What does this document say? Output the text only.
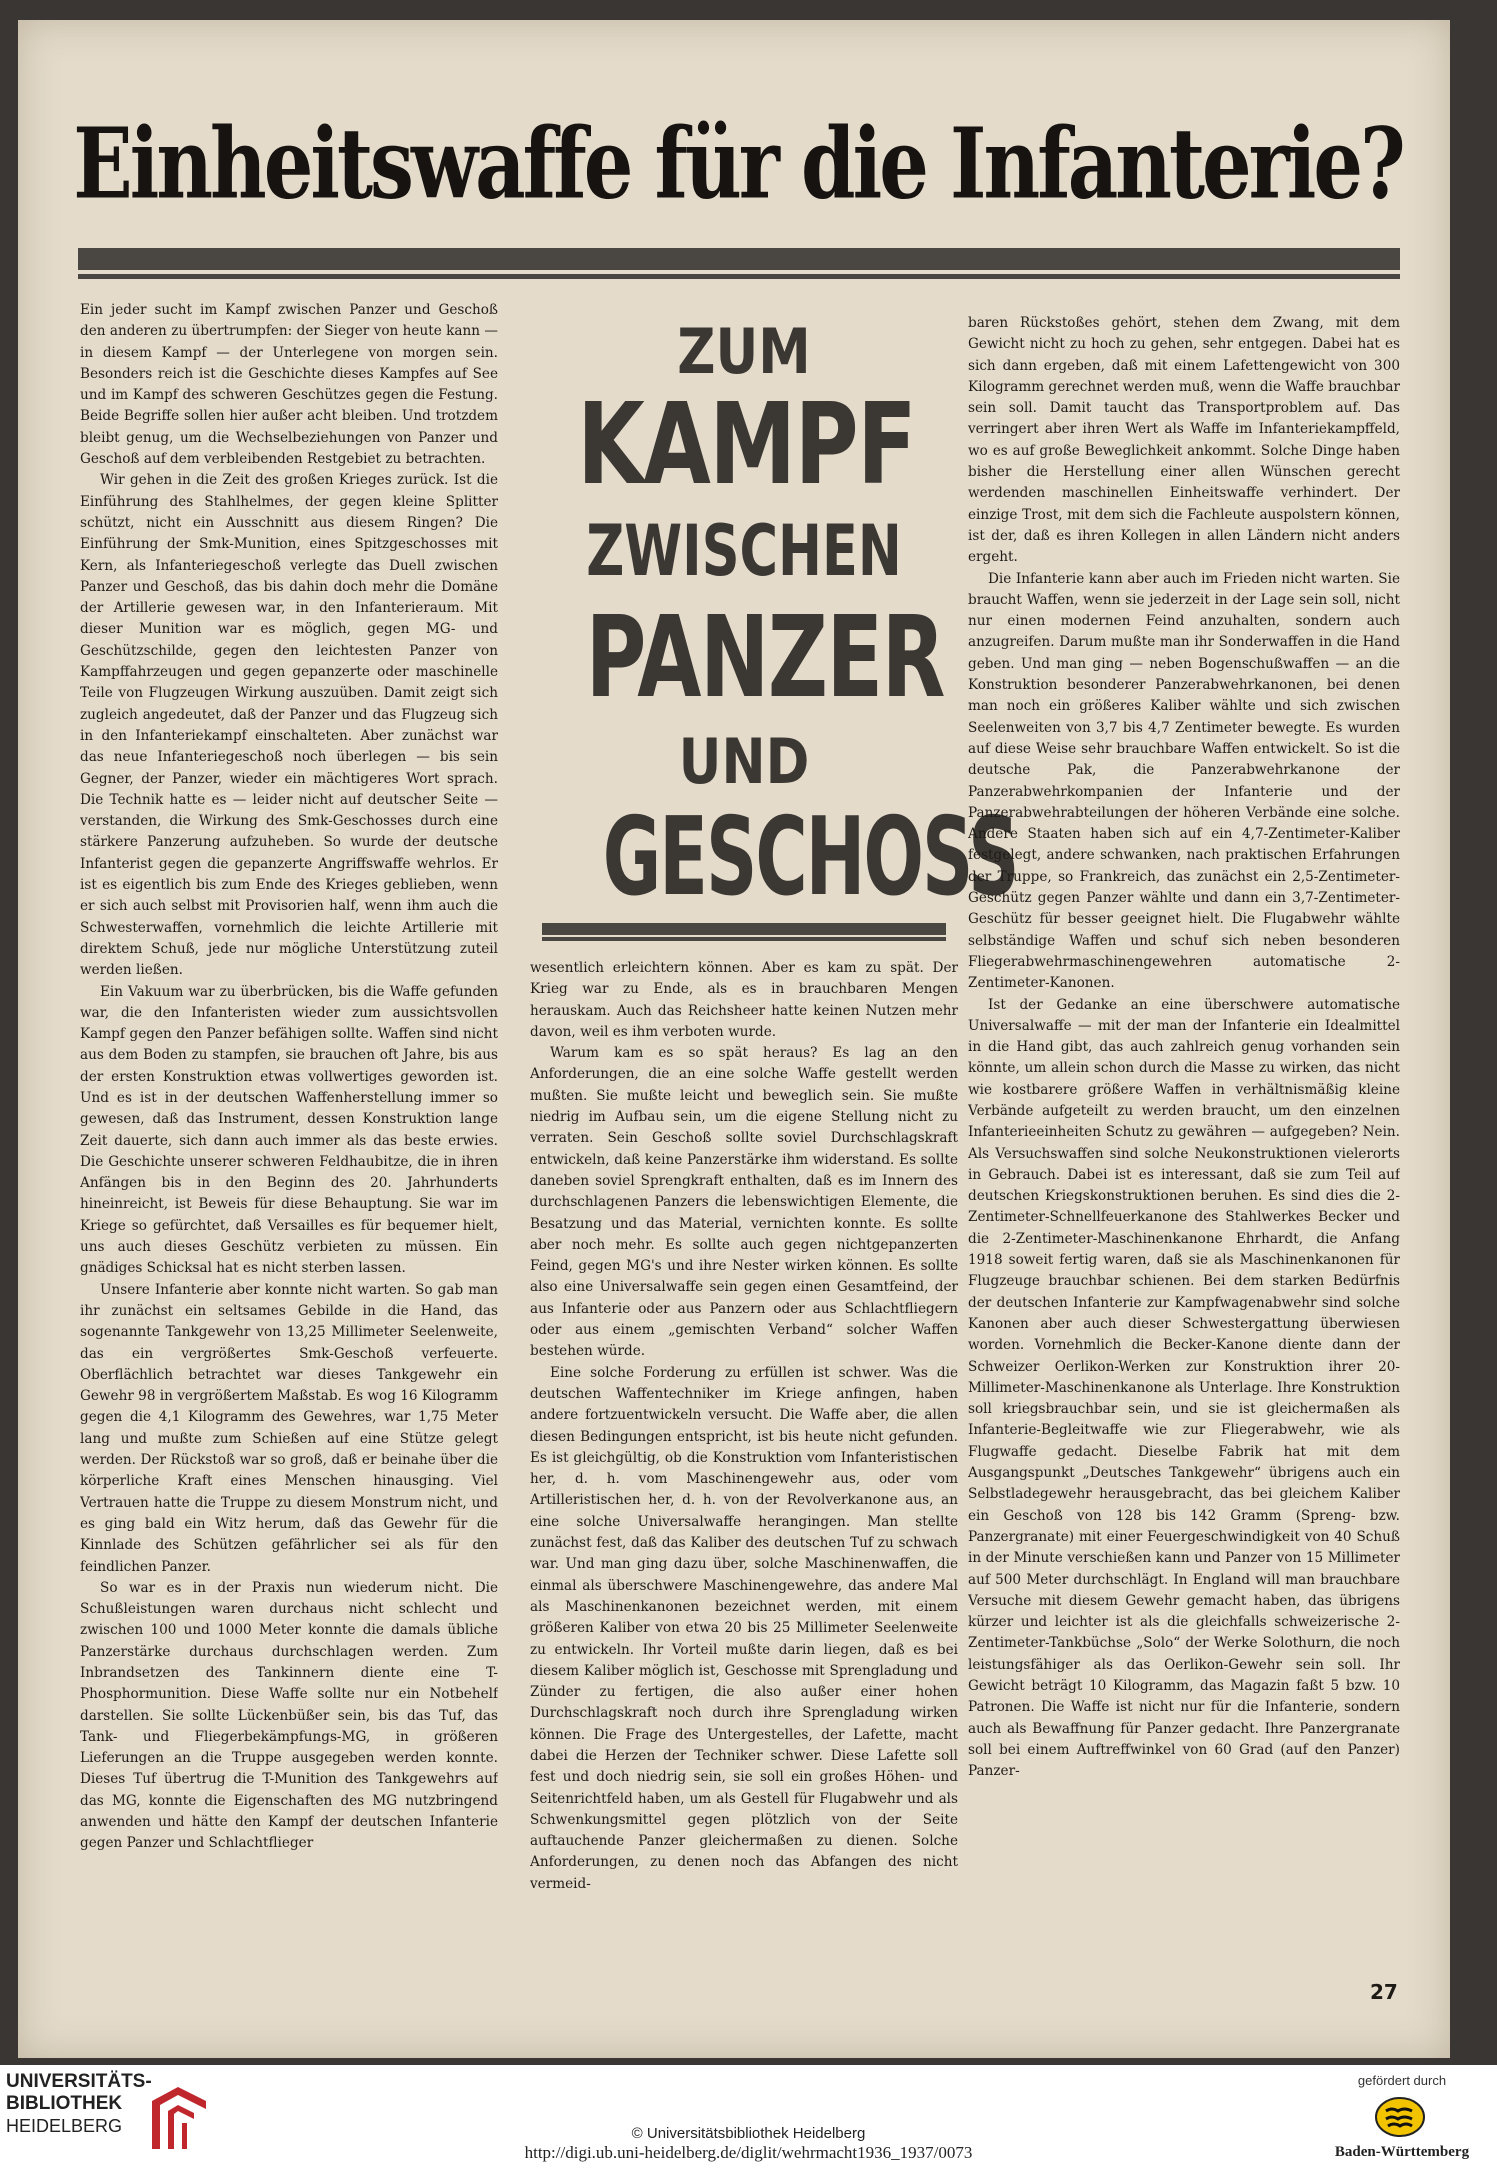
Einheitswaffe für die Infanterie?

Ein jeder sucht im Kampf zwischen Panzer und Geschoß den anderen zu übertrumpfen: der Sieger von heute kann — in diesem Kampf — der Unterlegene von morgen sein. Besonders reich ist die Geschichte dieses Kampfes auf See und im Kampf des schweren Geschützes gegen die Festung. Beide Begriffe sollen hier außer acht bleiben. Und trotzdem bleibt genug, um die Wechselbeziehungen von Panzer und Geschoß auf dem verbleibenden Restgebiet zu betrachten.

Wir gehen in die Zeit des großen Krieges zurück. Ist die Einführung des Stahlhelmes, der gegen kleine Splitter schützt, nicht ein Ausschnitt aus diesem Ringen? Die Einführung der Smk-Munition, eines Spitzgeschosses mit Kern, als Infanteriegeschoß verlegte das Duell zwischen Panzer und Geschoß, das bis dahin doch mehr die Domäne der Artillerie gewesen war, in den Infanterieraum. Mit dieser Munition war es möglich, gegen MG- und Geschützschilde, gegen den leichtesten Panzer von Kampffahrzeugen und gegen gepanzerte oder maschinelle Teile von Flugzeugen Wirkung auszuüben. Damit zeigt sich zugleich angedeutet, daß der Panzer und das Flugzeug sich in den Infanteriekampf einschalteten. Aber zunächst war das neue Infanteriegeschoß noch überlegen — bis sein Gegner, der Panzer, wieder ein mächtigeres Wort sprach. Die Technik hatte es — leider nicht auf deutscher Seite — verstanden, die Wirkung des Smk-Geschosses durch eine stärkere Panzerung aufzuheben. So wurde der deutsche Infanterist gegen die gepanzerte Angriffswaffe wehrlos. Er ist es eigentlich bis zum Ende des Krieges geblieben, wenn er sich auch selbst mit Provisorien half, wenn ihm auch die Schwesterwaffen, vornehmlich die leichte Artillerie mit direktem Schuß, jede nur mögliche Unterstützung zuteil werden ließen.

Ein Vakuum war zu überbrücken, bis die Waffe gefunden war, die den Infanteristen wieder zum aussichtsvollen Kampf gegen den Panzer befähigen sollte. Waffen sind nicht aus dem Boden zu stampfen, sie brauchen oft Jahre, bis aus der ersten Konstruktion etwas vollwertiges geworden ist. Und es ist in der deutschen Waffenherstellung immer so gewesen, daß das Instrument, dessen Konstruktion lange Zeit dauerte, sich dann auch immer als das beste erwies. Die Geschichte unserer schweren Feldhaubitze, die in ihren Anfängen bis in den Beginn des 20. Jahrhunderts hineinreicht, ist Beweis für diese Behauptung. Sie war im Kriege so gefürchtet, daß Versailles es für bequemer hielt, uns auch dieses Geschütz verbieten zu müssen. Ein gnädiges Schicksal hat es nicht sterben lassen.

Unsere Infanterie aber konnte nicht warten. So gab man ihr zunächst ein seltsames Gebilde in die Hand, das sogenannte Tankgewehr von 13,25 Millimeter Seelenweite, das ein vergrößertes Smk-Geschoß verfeuerte. Oberflächlich betrachtet war dieses Tankgewehr ein Gewehr 98 in vergrößertem Maßstab. Es wog 16 Kilogramm gegen die 4,1 Kilogramm des Gewehres, war 1,75 Meter lang und mußte zum Schießen auf eine Stütze gelegt werden. Der Rückstoß war so groß, daß er beinahe über die körperliche Kraft eines Menschen hinausging. Viel Vertrauen hatte die Truppe zu diesem Monstrum nicht, und es ging bald ein Witz herum, daß das Gewehr für die Kinnlade des Schützen gefährlicher sei als für den feindlichen Panzer.

So war es in der Praxis nun wiederum nicht. Die Schußleistungen waren durchaus nicht schlecht und zwischen 100 und 1000 Meter konnte die damals übliche Panzerstärke durchaus durchschlagen werden. Zum Inbrandsetzen des Tankinnern diente eine T-Phosphormunition. Diese Waffe sollte nur ein Notbehelf darstellen. Sie sollte Lückenbüßer sein, bis das Tuf, das Tank- und Fliegerbekämpfungs-MG, in größeren Lieferungen an die Truppe ausgegeben werden konnte. Dieses Tuf übertrug die T-Munition des Tankgewehrs auf das MG, konnte die Eigenschaften des MG nutzbringend anwenden und hätte den Kampf der deutschen Infanterie gegen Panzer und Schlachtflieger

ZUM
KAMPF
ZWISCHEN
PANZER
UND
GESCHOSS

wesentlich erleichtern können. Aber es kam zu spät. Der Krieg war zu Ende, als es in brauchbaren Mengen herauskam. Auch das Reichsheer hatte keinen Nutzen mehr davon, weil es ihm verboten wurde.

Warum kam es so spät heraus? Es lag an den Anforderungen, die an eine solche Waffe gestellt werden mußten. Sie mußte leicht und beweglich sein. Sie mußte niedrig im Aufbau sein, um die eigene Stellung nicht zu verraten. Sein Geschoß sollte soviel Durchschlagskraft entwickeln, daß keine Panzerstärke ihm widerstand. Es sollte daneben soviel Sprengkraft enthalten, daß es im Innern des durchschlagenen Panzers die lebenswichtigen Elemente, die Besatzung und das Material, vernichten konnte. Es sollte aber noch mehr. Es sollte auch gegen nichtgepanzerten Feind, gegen MG's und ihre Nester wirken können. Es sollte also eine Universalwaffe sein gegen einen Gesamtfeind, der aus Infanterie oder aus Panzern oder aus Schlachtfliegern oder aus einem „gemischten Verband“ solcher Waffen bestehen würde.

Eine solche Forderung zu erfüllen ist schwer. Was die deutschen Waffentechniker im Kriege anfingen, haben andere fortzuentwickeln versucht. Die Waffe aber, die allen diesen Bedingungen entspricht, ist bis heute nicht gefunden. Es ist gleichgültig, ob die Konstruktion vom Infanteristischen her, d. h. vom Maschinengewehr aus, oder vom Artilleristischen her, d. h. von der Revolverkanone aus, an eine solche Universalwaffe herangingen. Man stellte zunächst fest, daß das Kaliber des deutschen Tuf zu schwach war. Und man ging dazu über, solche Maschinenwaffen, die einmal als überschwere Maschinengewehre, das andere Mal als Maschinenkanonen bezeichnet werden, mit einem größeren Kaliber von etwa 20 bis 25 Millimeter Seelenweite zu entwickeln. Ihr Vorteil mußte darin liegen, daß es bei diesem Kaliber möglich ist, Geschosse mit Sprengladung und Zünder zu fertigen, die also außer einer hohen Durchschlagskraft noch durch ihre Sprengladung wirken können. Die Frage des Untergestelles, der Lafette, macht dabei die Herzen der Techniker schwer. Diese Lafette soll fest und doch niedrig sein, sie soll ein großes Höhen- und Seitenrichtfeld haben, um als Gestell für Flugabwehr und als Schwenkungsmittel gegen plötzlich von der Seite auftauchende Panzer gleichermaßen zu dienen. Solche Anforderungen, zu denen noch das Abfangen des nicht vermeid-

baren Rückstoßes gehört, stehen dem Zwang, mit dem Gewicht nicht zu hoch zu gehen, sehr entgegen. Dabei hat es sich dann ergeben, daß mit einem Lafettengewicht von 300 Kilogramm gerechnet werden muß, wenn die Waffe brauchbar sein soll. Damit taucht das Transportproblem auf. Das verringert aber ihren Wert als Waffe im Infanteriekampffeld, wo es auf große Beweglichkeit ankommt. Solche Dinge haben bisher die Herstellung einer allen Wünschen gerecht werdenden maschinellen Einheitswaffe verhindert. Der einzige Trost, mit dem sich die Fachleute auspolstern können, ist der, daß es ihren Kollegen in allen Ländern nicht anders ergeht.

Die Infanterie kann aber auch im Frieden nicht warten. Sie braucht Waffen, wenn sie jederzeit in der Lage sein soll, nicht nur einen modernen Feind anzuhalten, sondern auch anzugreifen. Darum mußte man ihr Sonderwaffen in die Hand geben. Und man ging — neben Bogenschußwaffen — an die Konstruktion besonderer Panzerabwehrkanonen, bei denen man noch ein größeres Kaliber wählte und sich zwischen Seelenweiten von 3,7 bis 4,7 Zentimeter bewegte. Es wurden auf diese Weise sehr brauchbare Waffen entwickelt. So ist die deutsche Pak, die Panzerabwehrkanone der Panzerabwehrkompanien der Infanterie und der Panzerabwehrabteilungen der höheren Verbände eine solche. Andere Staaten haben sich auf ein 4,7-Zentimeter-Kaliber festgelegt, andere schwanken, nach praktischen Erfahrungen der Truppe, so Frankreich, das zunächst ein 2,5-Zentimeter-Geschütz gegen Panzer wählte und dann ein 3,7-Zentimeter-Geschütz für besser geeignet hielt. Die Flugabwehr wählte selbständige Waffen und schuf sich neben besonderen Fliegerabwehrmaschinengewehren automatische 2-Zentimeter-Kanonen.

Ist der Gedanke an eine überschwere automatische Universalwaffe — mit der man der Infanterie ein Idealmittel in die Hand gibt, das auch zahlreich genug vorhanden sein könnte, um allein schon durch die Masse zu wirken, das nicht wie kostbarere größere Waffen in verhältnismäßig kleine Verbände aufgeteilt zu werden braucht, um den einzelnen Infanterieeinheiten Schutz zu gewähren — aufgegeben? Nein. Als Versuchswaffen sind solche Neukonstruktionen vielerorts in Gebrauch. Dabei ist es interessant, daß sie zum Teil auf deutschen Kriegskonstruktionen beruhen. Es sind dies die 2-Zentimeter-Schnellfeuerkanone des Stahlwerkes Becker und die 2-Zentimeter-Maschinenkanone Ehrhardt, die Anfang 1918 soweit fertig waren, daß sie als Maschinenkanonen für Flugzeuge brauchbar schienen. Bei dem starken Bedürfnis der deutschen Infanterie zur Kampfwagenabwehr sind solche Kanonen aber auch dieser Schwestergattung überwiesen worden. Vornehmlich die Becker-Kanone diente dann der Schweizer Oerlikon-Werken zur Konstruktion ihrer 20-Millimeter-Maschinenkanone als Unterlage. Ihre Konstruktion soll kriegsbrauchbar sein, und sie ist gleichermaßen als Infanterie-Begleitwaffe wie zur Fliegerabwehr, wie als Flugwaffe gedacht. Dieselbe Fabrik hat mit dem Ausgangspunkt „Deutsches Tankgewehr“ übrigens auch ein Selbstladegewehr herausgebracht, das bei gleichem Kaliber ein Geschoß von 128 bis 142 Gramm (Spreng- bzw. Panzergranate) mit einer Feuergeschwindigkeit von 40 Schuß in der Minute verschießen kann und Panzer von 15 Millimeter auf 500 Meter durchschlägt. In England will man brauchbare Versuche mit diesem Gewehr gemacht haben, das übrigens kürzer und leichter ist als die gleichfalls schweizerische 2-Zentimeter-Tankbüchse „Solo“ der Werke Solothurn, die noch leistungsfähiger als das Oerlikon-Gewehr sein soll. Ihr Gewicht beträgt 10 Kilogramm, das Magazin faßt 5 bzw. 10 Patronen. Die Waffe ist nicht nur für die Infanterie, sondern auch als Bewaffnung für Panzer gedacht. Ihre Panzergranate soll bei einem Auftreffwinkel von 60 Grad (auf den Panzer) Panzer-

27
UNIVERSITÄTS-
BIBLIOTHEK
HEIDELBERG	© Universitätsbibliothek Heidelberg
http://digi.ub.uni-heidelberg.de/diglit/wehrmacht1936_1937/0073
gefördert durch
Baden-Württemberg
